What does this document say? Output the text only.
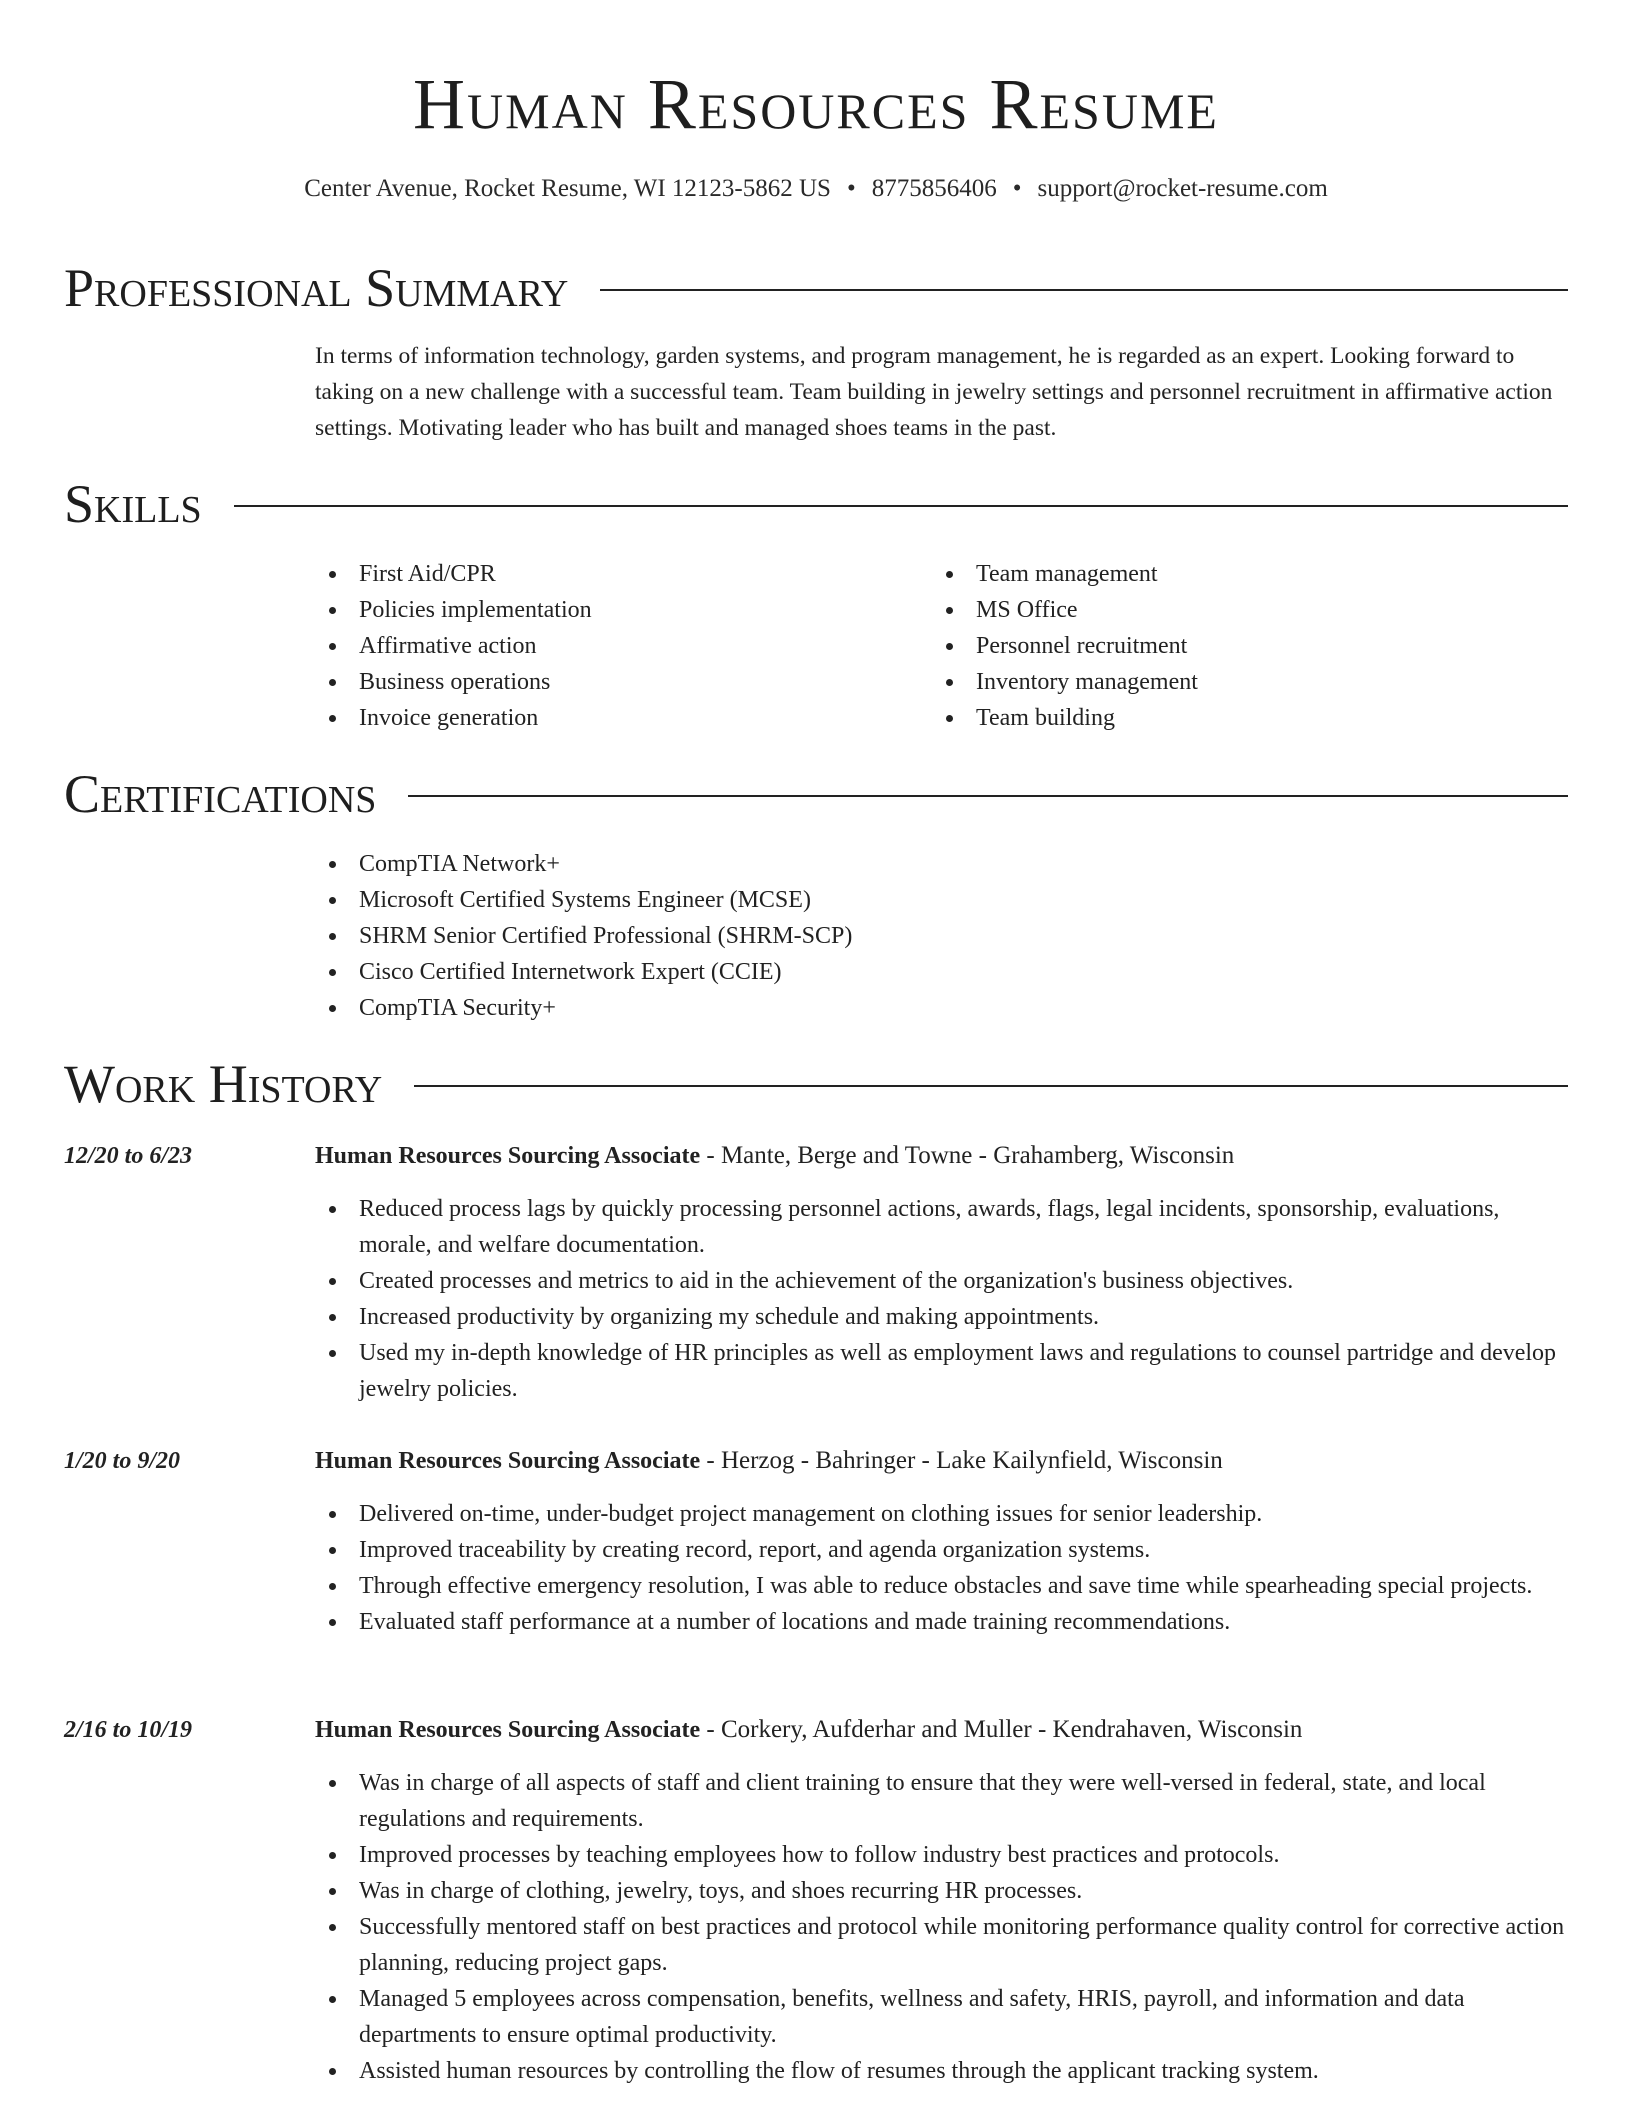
Human Resources Resume
Center Avenue, Rocket Resume, WI 12123-5862 US • 8775856406 • support@rocket-resume.com
Professional Summary

In terms of information technology, garden systems, and program management, he is regarded as an expert. Looking forward to taking on a new challenge with a successful team. Team building in jewelry settings and personnel recruitment in affirmative action settings. Motivating leader who has built and managed shoes teams in the past.

Skills
First Aid/CPR
Policies implementation
Affirmative action
Business operations
Invoice generation
Team management
MS Office
Personnel recruitment
Inventory management
Team building
Certifications
CompTIA Network+
Microsoft Certified Systems Engineer (MCSE)
SHRM Senior Certified Professional (SHRM-SCP)
Cisco Certified Internetwork Expert (CCIE)
CompTIA Security+
Work History
12/20 to 6/23	Human Resources Sourcing Associate - Mante, Berge and Towne - Grahamberg, Wisconsin
Reduced process lags by quickly processing personnel actions, awards, flags, legal incidents, sponsorship, evaluations, morale, and welfare documentation.
Created processes and metrics to aid in the achievement of the organization's business objectives.
Increased productivity by organizing my schedule and making appointments.
Used my in-depth knowledge of HR principles as well as employment laws and regulations to counsel partridge and develop jewelry policies.
1/20 to 9/20	Human Resources Sourcing Associate - Herzog - Bahringer - Lake Kailynfield, Wisconsin
Delivered on-time, under-budget project management on clothing issues for senior leadership.
Improved traceability by creating record, report, and agenda organization systems.
Through effective emergency resolution, I was able to reduce obstacles and save time while spearheading special projects.
Evaluated staff performance at a number of locations and made training recommendations.
2/16 to 10/19	Human Resources Sourcing Associate - Corkery, Aufderhar and Muller - Kendrahaven, Wisconsin
Was in charge of all aspects of staff and client training to ensure that they were well-versed in federal, state, and local regulations and requirements.
Improved processes by teaching employees how to follow industry best practices and protocols.
Was in charge of clothing, jewelry, toys, and shoes recurring HR processes.
Successfully mentored staff on best practices and protocol while monitoring performance quality control for corrective action planning, reducing project gaps.
Managed 5 employees across compensation, benefits, wellness and safety, HRIS, payroll, and information and data departments to ensure optimal productivity.
Assisted human resources by controlling the flow of resumes through the applicant tracking system.
